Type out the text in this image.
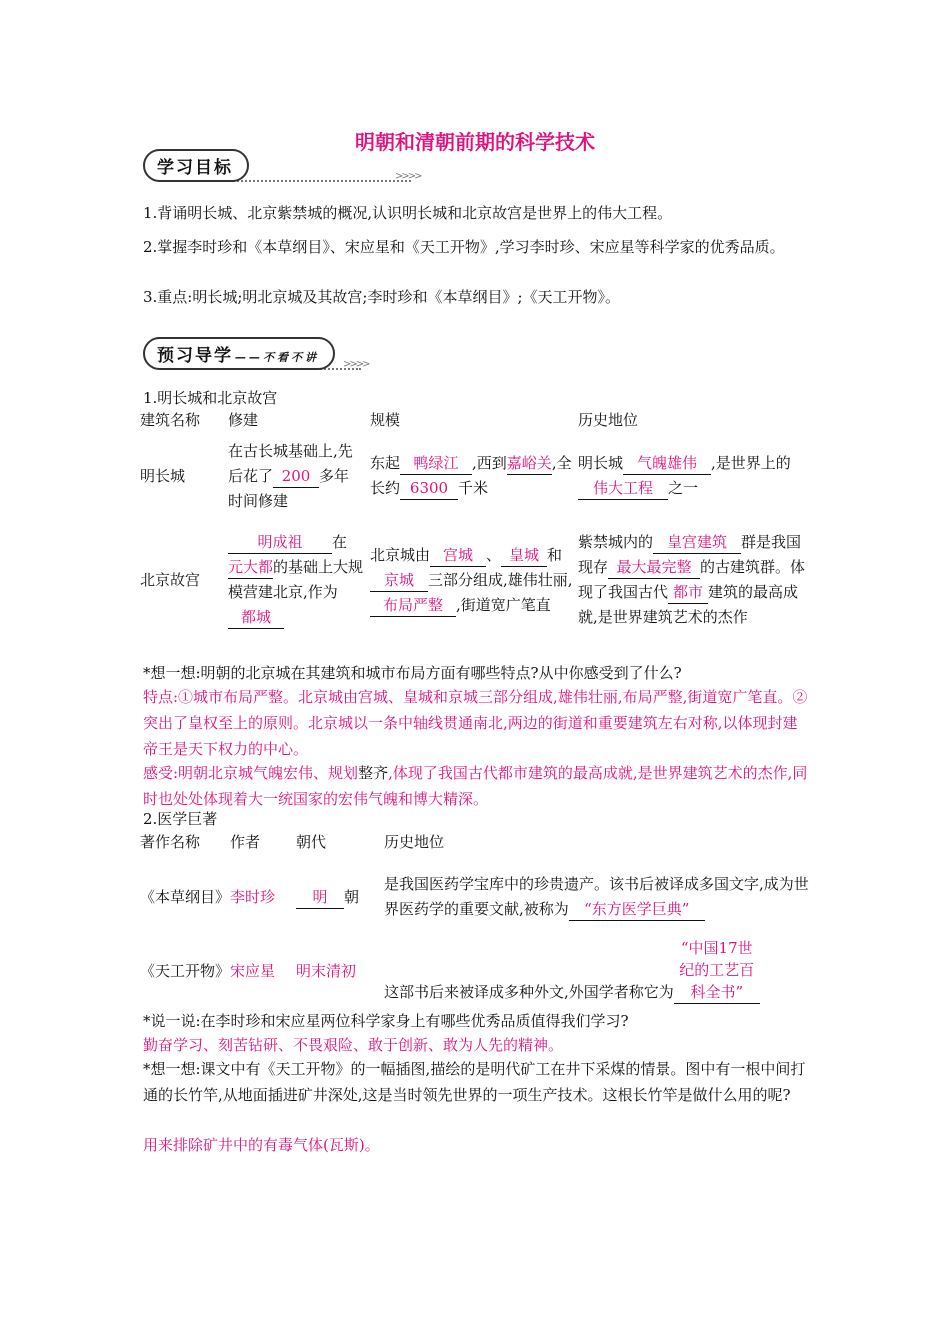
明朝和清朝前期的科学技术
学习目标	>>>>
1.背诵明长城、北京紫禁城的概况,认识明长城和北京故宫是世界上的伟大工程。
2.掌握李时珍和《本草纲目》、宋应星和《天工开物》,学习李时珍、宋应星等科学家的优秀品质。
3.重点:明长城;明北京城及其故宫;李时珍和《本草纲目》;《天工开物》。
预习导学 ——不看不讲
>>>>
1.明长城和北京故宫
建筑名称	修建	规模	历史地位
明长城	在古长城基础上,先后花了 200 多年时间修建	东起 鸭绿江 ,西到嘉峪关,全长约 6300 千米	明长城 气魄雄伟 ,是世界上的伟大工程 之一
北京故宫	明成祖 在元大都的基础上大规模营建北京,作为都城	北京城由 宫城 、 皇城 和京城 三部分组成,雄伟壮丽,布局严整 ,街道宽广笔直	紫禁城内的 皇宫建筑 群是我国现存 最大最完整 的古建筑群。体现了我国古代 都市 建筑的最高成就,是世界建筑艺术的杰作
*想一想:明朝的北京城在其建筑和城市布局方面有哪些特点?从中你感受到了什么?
特点:①城市布局严整。北京城由宫城、皇城和京城三部分组成,雄伟壮丽,布局严整,街道宽广笔直。②突出了皇权至上的原则。北京城以一条中轴线贯通南北,两边的街道和重要建筑左右对称,以体现封建帝王是天下权力的中心。
感受:明朝北京城气魄宏伟、规划整齐,体现了我国古代都市建筑的最高成就,是世界建筑艺术的杰作,同时也处处体现着大一统国家的宏伟气魄和博大精深。
2.医学巨著
著作名称	作者	朝代	历史地位
《本草纲目》	李时珍	明 朝	是我国医药学宝库中的珍贵遗产。该书后被译成多国文字,成为世界医药学的重要文献,被称为 “东方医学巨典”
《天工开物》	宋应星	明末清初	这部书后来被译成多种外文,外国学者称它为“中国17世纪的工艺百科全书”
*说一说:在李时珍和宋应星两位科学家身上有哪些优秀品质值得我们学习?
勤奋学习、刻苦钻研、不畏艰险、敢于创新、敢为人先的精神。
*想一想:课文中有《天工开物》的一幅插图,描绘的是明代矿工在井下采煤的情景。图中有一根中间打通的长竹竿,从地面插进矿井深处,这是当时领先世界的一项生产技术。这根长竹竿是做什么用的呢?
用来排除矿井中的有毒气体(瓦斯)。
